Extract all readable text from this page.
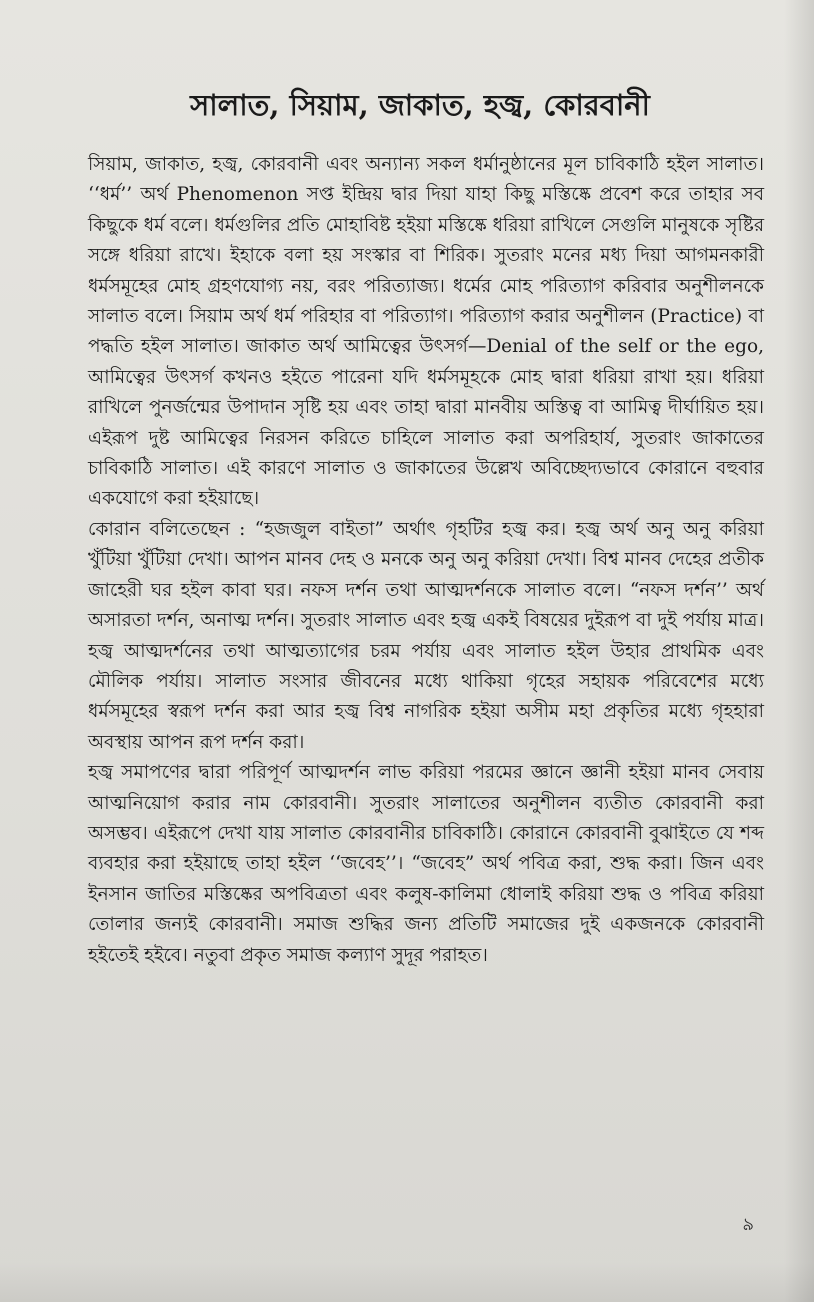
সালাত, সিয়াম, জাকাত, হজ্ব, কোরবানী

সিয়াম, জাকাত, হজ্ব, কোরবানী এবং অন্যান্য সকল ধর্মানুষ্ঠানের মূল চাবিকাঠি হইল সালাত। ‘‘ধর্ম’’ অর্থ Phenomenon সপ্ত ইন্দ্রিয় দ্বার দিয়া যাহা কিছু মস্তিষ্কে প্রবেশ করে তাহার সব কিছুকে ধর্ম বলে। ধর্মগুলির প্রতি মোহাবিষ্ট হইয়া মস্তিষ্কে ধরিয়া রাখিলে সেগুলি মানুষকে সৃষ্টির সঙ্গে ধরিয়া রাখে। ইহাকে বলা হয় সংস্কার বা শিরিক। সুতরাং মনের মধ্য দিয়া আগমনকারী ধর্মসমূহের মোহ গ্রহণযোগ্য নয়, বরং পরিত্যাজ্য। ধর্মের মোহ পরিত্যাগ করিবার অনুশীলনকে সালাত বলে। সিয়াম অর্থ ধর্ম পরিহার বা পরিত্যাগ। পরিত্যাগ করার অনুশীলন (Practice) বা পদ্ধতি হইল সালাত। জাকাত অর্থ আমিত্বের উৎসর্গ—Denial of the self or the ego, আমিত্বের উৎসর্গ কখনও হইতে পারেনা যদি ধর্মসমূহকে মোহ দ্বারা ধরিয়া রাখা হয়। ধরিয়া রাখিলে পুনর্জন্মের উপাদান সৃষ্টি হয় এবং তাহা দ্বারা মানবীয় অস্তিত্ব বা আমিত্ব দীর্ঘায়িত হয়। এইরূপ দুষ্ট আমিত্বের নিরসন করিতে চাহিলে সালাত করা অপরিহার্য, সুতরাং জাকাতের চাবিকাঠি সালাত। এই কারণে সালাত ও জাকাতের উল্লেখ অবিচ্ছেদ্যভাবে কোরানে বহুবার একযোগে করা হইয়াছে।

কোরান বলিতেছেন : “হজজুল বাইতা” অর্থাৎ গৃহটির হজ্ব কর। হজ্ব অর্থ অনু অনু করিয়া খুঁটিয়া খুঁটিয়া দেখা। আপন মানব দেহ ও মনকে অনু অনু করিয়া দেখা। বিশ্ব মানব দেহের প্রতীক জাহেরী ঘর হইল কাবা ঘর। নফস দর্শন তথা আত্মদর্শনকে সালাত বলে। “নফস দর্শন’’ অর্থ অসারতা দর্শন, অনাত্ম দর্শন। সুতরাং সালাত এবং হজ্ব একই বিষয়ের দুইরূপ বা দুই পর্যায় মাত্র। হজ্ব আত্মদর্শনের তথা আত্মত্যাগের চরম পর্যায় এবং সালাত হইল উহার প্রাথমিক এবং মৌলিক পর্যায়। সালাত সংসার জীবনের মধ্যে থাকিয়া গৃহের সহায়ক পরিবেশের মধ্যে ধর্মসমূহের স্বরূপ দর্শন করা আর হজ্ব বিশ্ব নাগরিক হইয়া অসীম মহা প্রকৃতির মধ্যে গৃহহারা অবস্থায় আপন রূপ দর্শন করা।

হজ্ব সমাপণের দ্বারা পরিপূর্ণ আত্মদর্শন লাভ করিয়া পরমের জ্ঞানে জ্ঞানী হইয়া মানব সেবায় আত্মনিয়োগ করার নাম কোরবানী। সুতরাং সালাতের অনুশীলন ব্যতীত কোরবানী করা অসম্ভব। এইরূপে দেখা যায় সালাত কোরবানীর চাবিকাঠি। কোরানে কোরবানী বুঝাইতে যে শব্দ ব্যবহার করা হইয়াছে তাহা হইল ‘‘জবেহ’’। “জবেহ” অর্থ পবিত্র করা, শুদ্ধ করা। জিন এবং ইনসান জাতির মস্তিষ্কের অপবিত্রতা এবং কলুষ-কালিমা ধোলাই করিয়া শুদ্ধ ও পবিত্র করিয়া তোলার জন্যই কোরবানী। সমাজ শুদ্ধির জন্য প্রতিটি সমাজের দুই একজনকে কোরবানী হইতেই হইবে। নতুবা প্রকৃত সমাজ কল্যাণ সুদূর পরাহত।

৯
